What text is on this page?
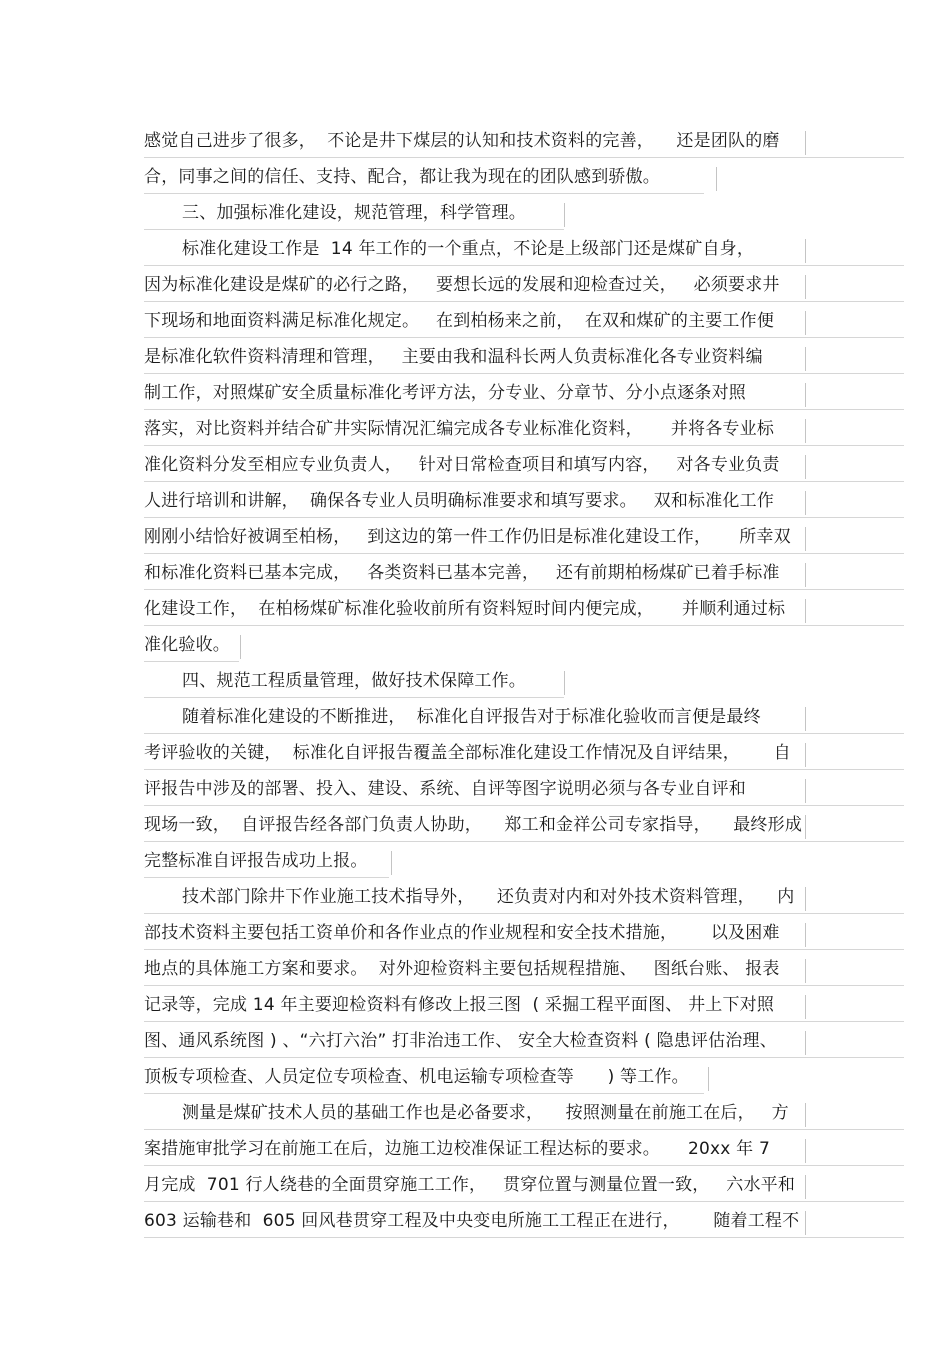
感觉自己进步了很多，  不论是井下煤层的认知和技术资料的完善，    还是团队的磨
合，同事之间的信任、支持、配合，都让我为现在的团队感到骄傲。
三、加强标准化建设，规范管理，科学管理。
标准化建设工作是  14 年工作的一个重点，不论是上级部门还是煤矿自身，
因为标准化建设是煤矿的必行之路，   要想长远的发展和迎检查过关，   必须要求井
下现场和地面资料满足标准化规定。   在到柏杨来之前，  在双和煤矿的主要工作便
是标准化软件资料清理和管理，   主要由我和温科长两人负责标准化各专业资料编
制工作，对照煤矿安全质量标准化考评方法，分专业、分章节、分小点逐条对照
落实，对比资料并结合矿井实际情况汇编完成各专业标准化资料，     并将各专业标
准化资料分发至相应专业负责人，   针对日常检查项目和填写内容，   对各专业负责
人进行培训和讲解，  确保各专业人员明确标准要求和填写要求。   双和标准化工作
刚刚小结恰好被调至柏杨，   到这边的第一件工作仍旧是标准化建设工作，     所幸双
和标准化资料已基本完成，   各类资料已基本完善，   还有前期柏杨煤矿已着手标准
化建设工作，  在柏杨煤矿标准化验收前所有资料短时间内便完成，     并顺利通过标
准化验收。
四、规范工程质量管理，做好技术保障工作。
随着标准化建设的不断推进，  标准化自评报告对于标准化验收而言便是最终
考评验收的关键，  标准化自评报告覆盖全部标准化建设工作情况及自评结果，      自
评报告中涉及的部署、投入、建设、系统、自评等图字说明必须与各专业自评和
现场一致，  自评报告经各部门负责人协助，    郑工和金祥公司专家指导，    最终形成
完整标准自评报告成功上报。
技术部门除井下作业施工技术指导外，    还负责对内和对外技术资料管理，    内
部技术资料主要包括工资单价和各作业点的作业规程和安全技术措施，      以及困难
地点的具体施工方案和要求。  对外迎检资料主要包括规程措施、   图纸台账、 报表
记录等，完成 14 年主要迎检资料有修改上报三图  ( 采掘工程平面图、 井上下对照
图、通风系统图 ) 、“六打六治” 打非治违工作、 安全大检查资料 ( 隐患评估治理、
顶板专项检查、人员定位专项检查、机电运输专项检查等      ) 等工作。
测量是煤矿技术人员的基础工作也是必备要求，    按照测量在前施工在后，   方
案措施审批学习在前施工在后，边施工边校准保证工程达标的要求。     20xx 年 7
月完成  701 行人绕巷的全面贯穿施工工作，   贯穿位置与测量位置一致，   六水平和
603 运输巷和  605 回风巷贯穿工程及中央变电所施工工程正在进行，      随着工程不
